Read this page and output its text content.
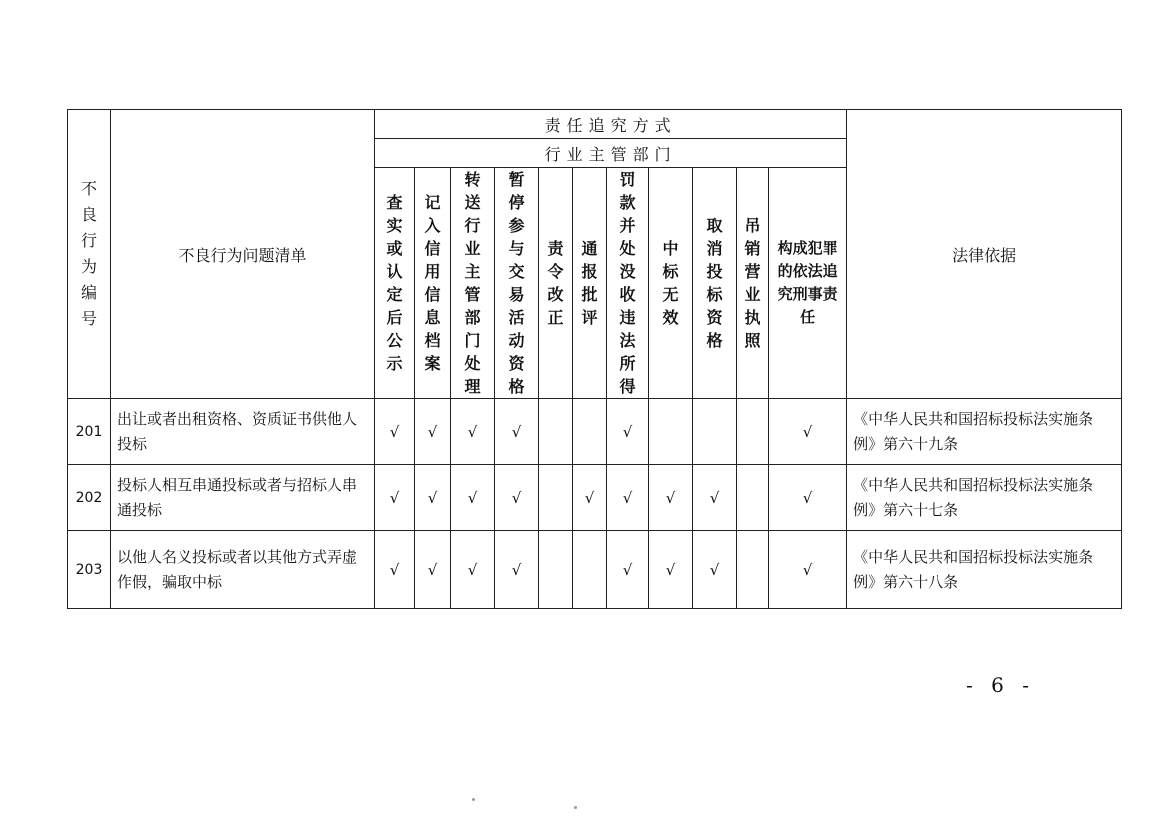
不良行为编号	不良行为问题清单	责任追究方式											法律依据
		行业主管部门											
		查实或认定后公示	记入信用信息档案	转送行业主管部门处理	暂停参与交易活动资格	责令改正	通报批评	罚款并处没收违法所得	中标无效	取消投标资格	吊销营业执照	构成犯罪的依法追究刑事责任	
201	出让或者出租资格、资质证书供他人投标	√	√	√	√			√				√	《中华人民共和国招标投标法实施条例》第六十九条
202	投标人相互串通投标或者与招标人串通投标	√	√	√	√		√	√	√	√		√	《中华人民共和国招标投标法实施条例》第六十七条
203	以他人名义投标或者以其他方式弄虚作假，骗取中标	√	√	√	√			√	√	√		√	《中华人民共和国招标投标法实施条例》第六十八条
- 6 -
